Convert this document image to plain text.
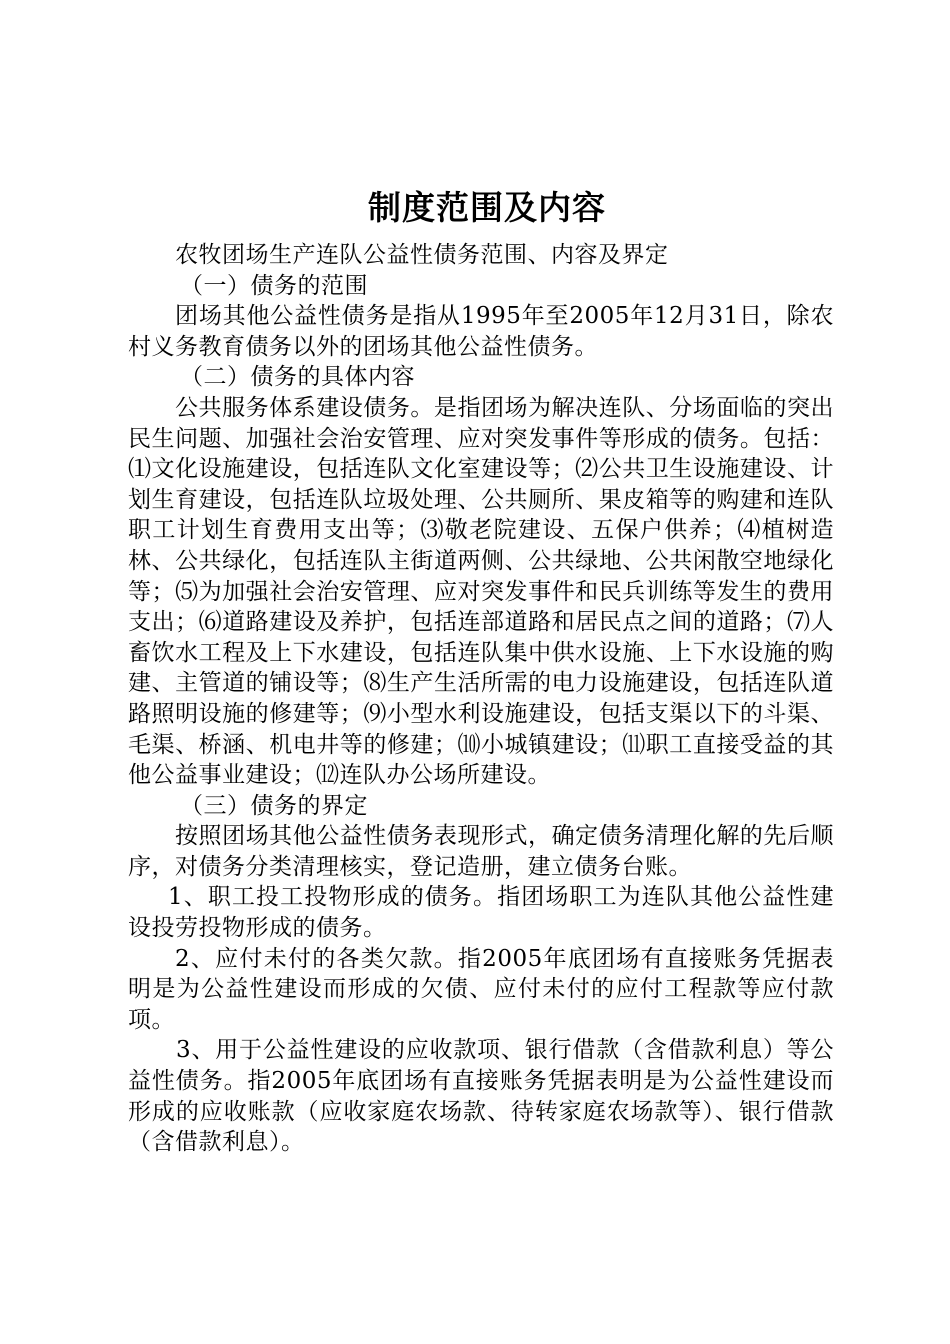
制度范围及内容

农牧团场生产连队公益性债务范围、内容及界定

（一）债务的范围

团场其他公益性债务是指从1995年至2005年12月31日，除农村义务教育债务以外的团场其他公益性债务。

（二）债务的具体内容

公共服务体系建设债务。是指团场为解决连队、分场面临的突出民生问题、加强社会治安管理、应对突发事件等形成的债务。包括：⑴文化设施建设，包括连队文化室建设等；⑵公共卫生设施建设、计划生育建设，包括连队垃圾处理、公共厕所、果皮箱等的购建和连队职工计划生育费用支出等；⑶敬老院建设、五保户供养；⑷植树造林、公共绿化，包括连队主街道两侧、公共绿地、公共闲散空地绿化等；⑸为加强社会治安管理、应对突发事件和民兵训练等发生的费用支出；⑹道路建设及养护，包括连部道路和居民点之间的道路；⑺人畜饮水工程及上下水建设，包括连队集中供水设施、上下水设施的购建、主管道的铺设等；⑻生产生活所需的电力设施建设，包括连队道路照明设施的修建等；⑼小型水利设施建设，包括支渠以下的斗渠、毛渠、桥涵、机电井等的修建；⑽小城镇建设；⑾职工直接受益的其他公益事业建设；⑿连队办公场所建设。

（三）债务的界定

按照团场其他公益性债务表现形式，确定债务清理化解的先后顺序，对债务分类清理核实，登记造册，建立债务台账。

1、职工投工投物形成的债务。指团场职工为连队其他公益性建设投劳投物形成的债务。

2、应付未付的各类欠款。指2005年底团场有直接账务凭据表明是为公益性建设而形成的欠债、应付未付的应付工程款等应付款项。

3、用于公益性建设的应收款项、银行借款（含借款利息）等公益性债务。指2005年底团场有直接账务凭据表明是为公益性建设而形成的应收账款（应收家庭农场款、待转家庭农场款等）、银行借款（含借款利息）。
